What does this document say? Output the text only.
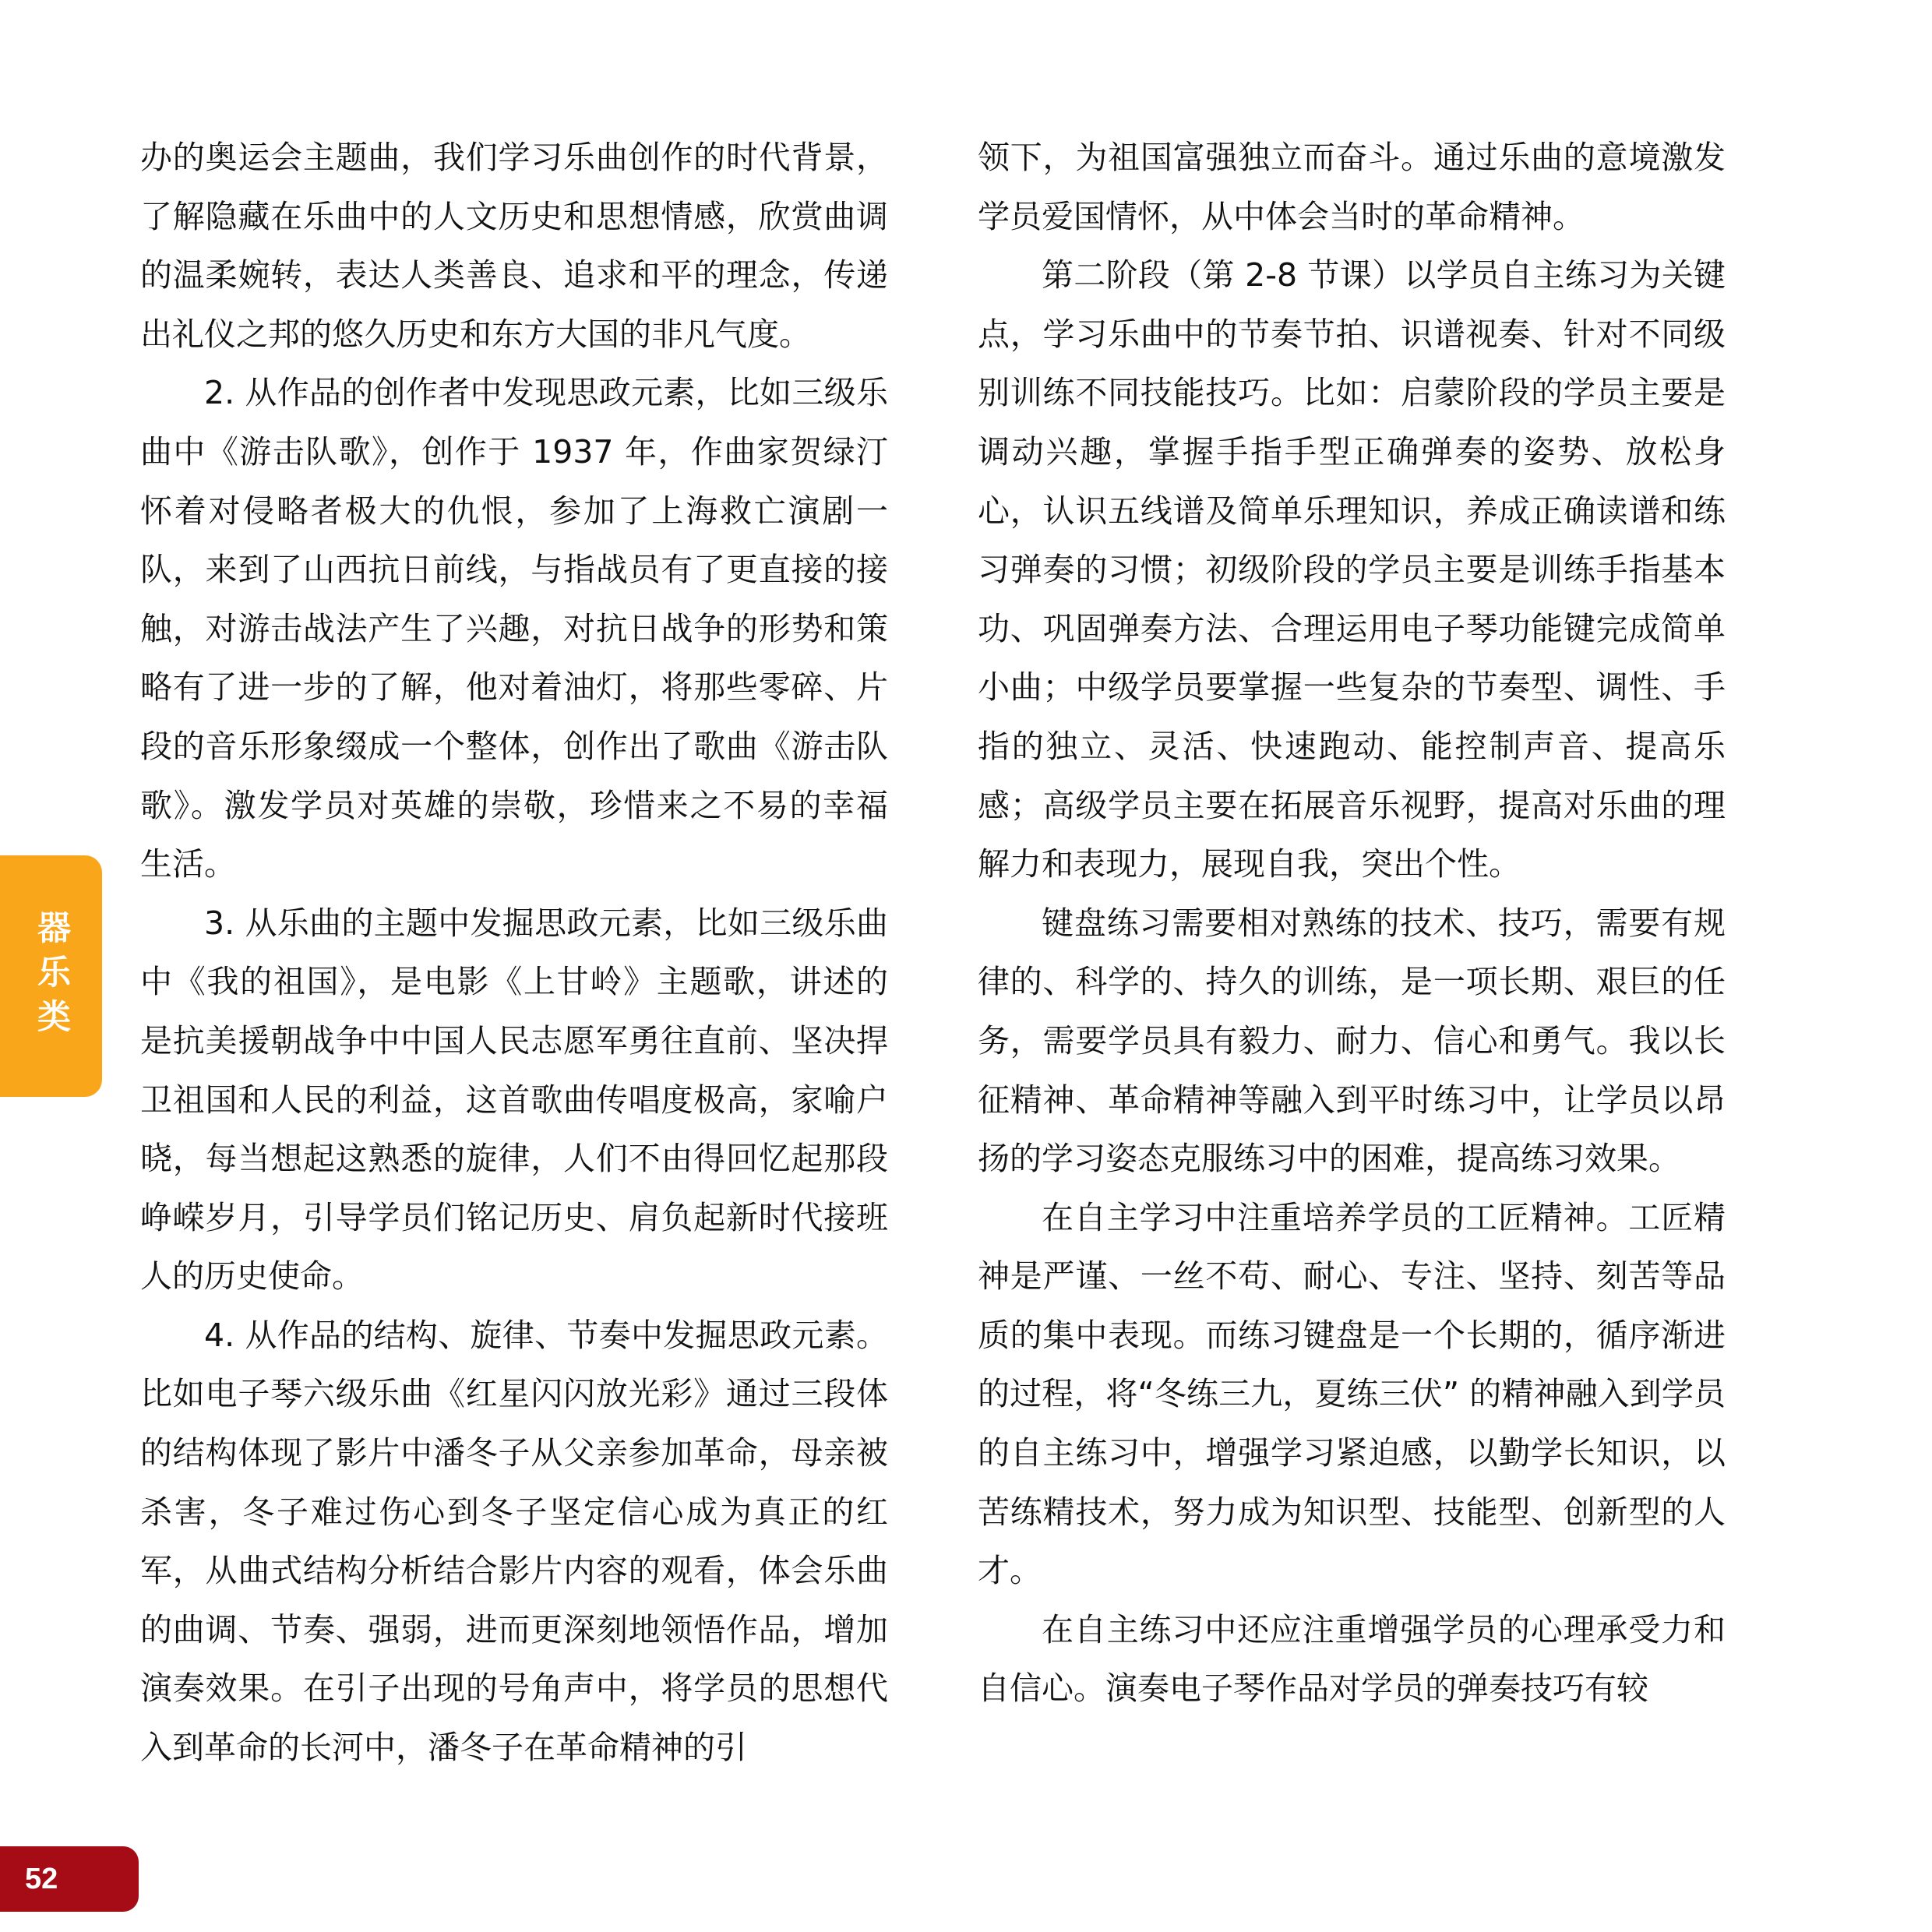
办的奥运会主题曲，我们学习乐曲创作的时代背景，了解隐藏在乐曲中的人文历史和思想情感，欣赏曲调的温柔婉转，表达人类善良、追求和平的理念，传递出礼仪之邦的悠久历史和东方大国的非凡气度。

2. 从作品的创作者中发现思政元素，比如三级乐曲中《游击队歌》，创作于 1937 年，作曲家贺绿汀怀着对侵略者极大的仇恨，参加了上海救亡演剧一队，来到了山西抗日前线，与指战员有了更直接的接触，对游击战法产生了兴趣，对抗日战争的形势和策略有了进一步的了解，他对着油灯，将那些零碎、片段的音乐形象缀成一个整体，创作出了歌曲《游击队歌》。激发学员对英雄的崇敬，珍惜来之不易的幸福生活。

3. 从乐曲的主题中发掘思政元素，比如三级乐曲中《我的祖国》，是电影《上甘岭》主题歌，讲述的是抗美援朝战争中中国人民志愿军勇往直前、坚决捍卫祖国和人民的利益，这首歌曲传唱度极高，家喻户晓，每当想起这熟悉的旋律，人们不由得回忆起那段峥嵘岁月，引导学员们铭记历史、肩负起新时代接班人的历史使命。

4. 从作品的结构、旋律、节奏中发掘思政元素。比如电子琴六级乐曲《红星闪闪放光彩》通过三段体的结构体现了影片中潘冬子从父亲参加革命，母亲被杀害，冬子难过伤心到冬子坚定信心成为真正的红军，从曲式结构分析结合影片内容的观看，体会乐曲的曲调、节奏、强弱，进而更深刻地领悟作品，增加演奏效果。在引子出现的号角声中，将学员的思想代入到革命的长河中，潘冬子在革命精神的引

领下，为祖国富强独立而奋斗。通过乐曲的意境激发学员爱国情怀，从中体会当时的革命精神。

第二阶段（第 2-8 节课）以学员自主练习为关键点，学习乐曲中的节奏节拍、识谱视奏、针对不同级别训练不同技能技巧。比如：启蒙阶段的学员主要是调动兴趣，掌握手指手型正确弹奏的姿势、放松身心，认识五线谱及简单乐理知识，养成正确读谱和练习弹奏的习惯；初级阶段的学员主要是训练手指基本功、巩固弹奏方法、合理运用电子琴功能键完成简单小曲；中级学员要掌握一些复杂的节奏型、调性、手指的独立、灵活、快速跑动、能控制声音、提高乐感；高级学员主要在拓展音乐视野，提高对乐曲的理解力和表现力，展现自我，突出个性。

键盘练习需要相对熟练的技术、技巧，需要有规律的、科学的、持久的训练，是一项长期、艰巨的任务，需要学员具有毅力、耐力、信心和勇气。我以长征精神、革命精神等融入到平时练习中，让学员以昂扬的学习姿态克服练习中的困难，提高练习效果。

在自主学习中注重培养学员的工匠精神。工匠精神是严谨、一丝不苟、耐心、专注、坚持、刻苦等品质的集中表现。而练习键盘是一个长期的，循序渐进的过程，将“冬练三九，夏练三伏” 的精神融入到学员的自主练习中，增强学习紧迫感，以勤学长知识，以苦练精技术，努力成为知识型、技能型、创新型的人才。

在自主练习中还应注重增强学员的心理承受力和自信心。演奏电子琴作品对学员的弹奏技巧有较

器乐类
52
